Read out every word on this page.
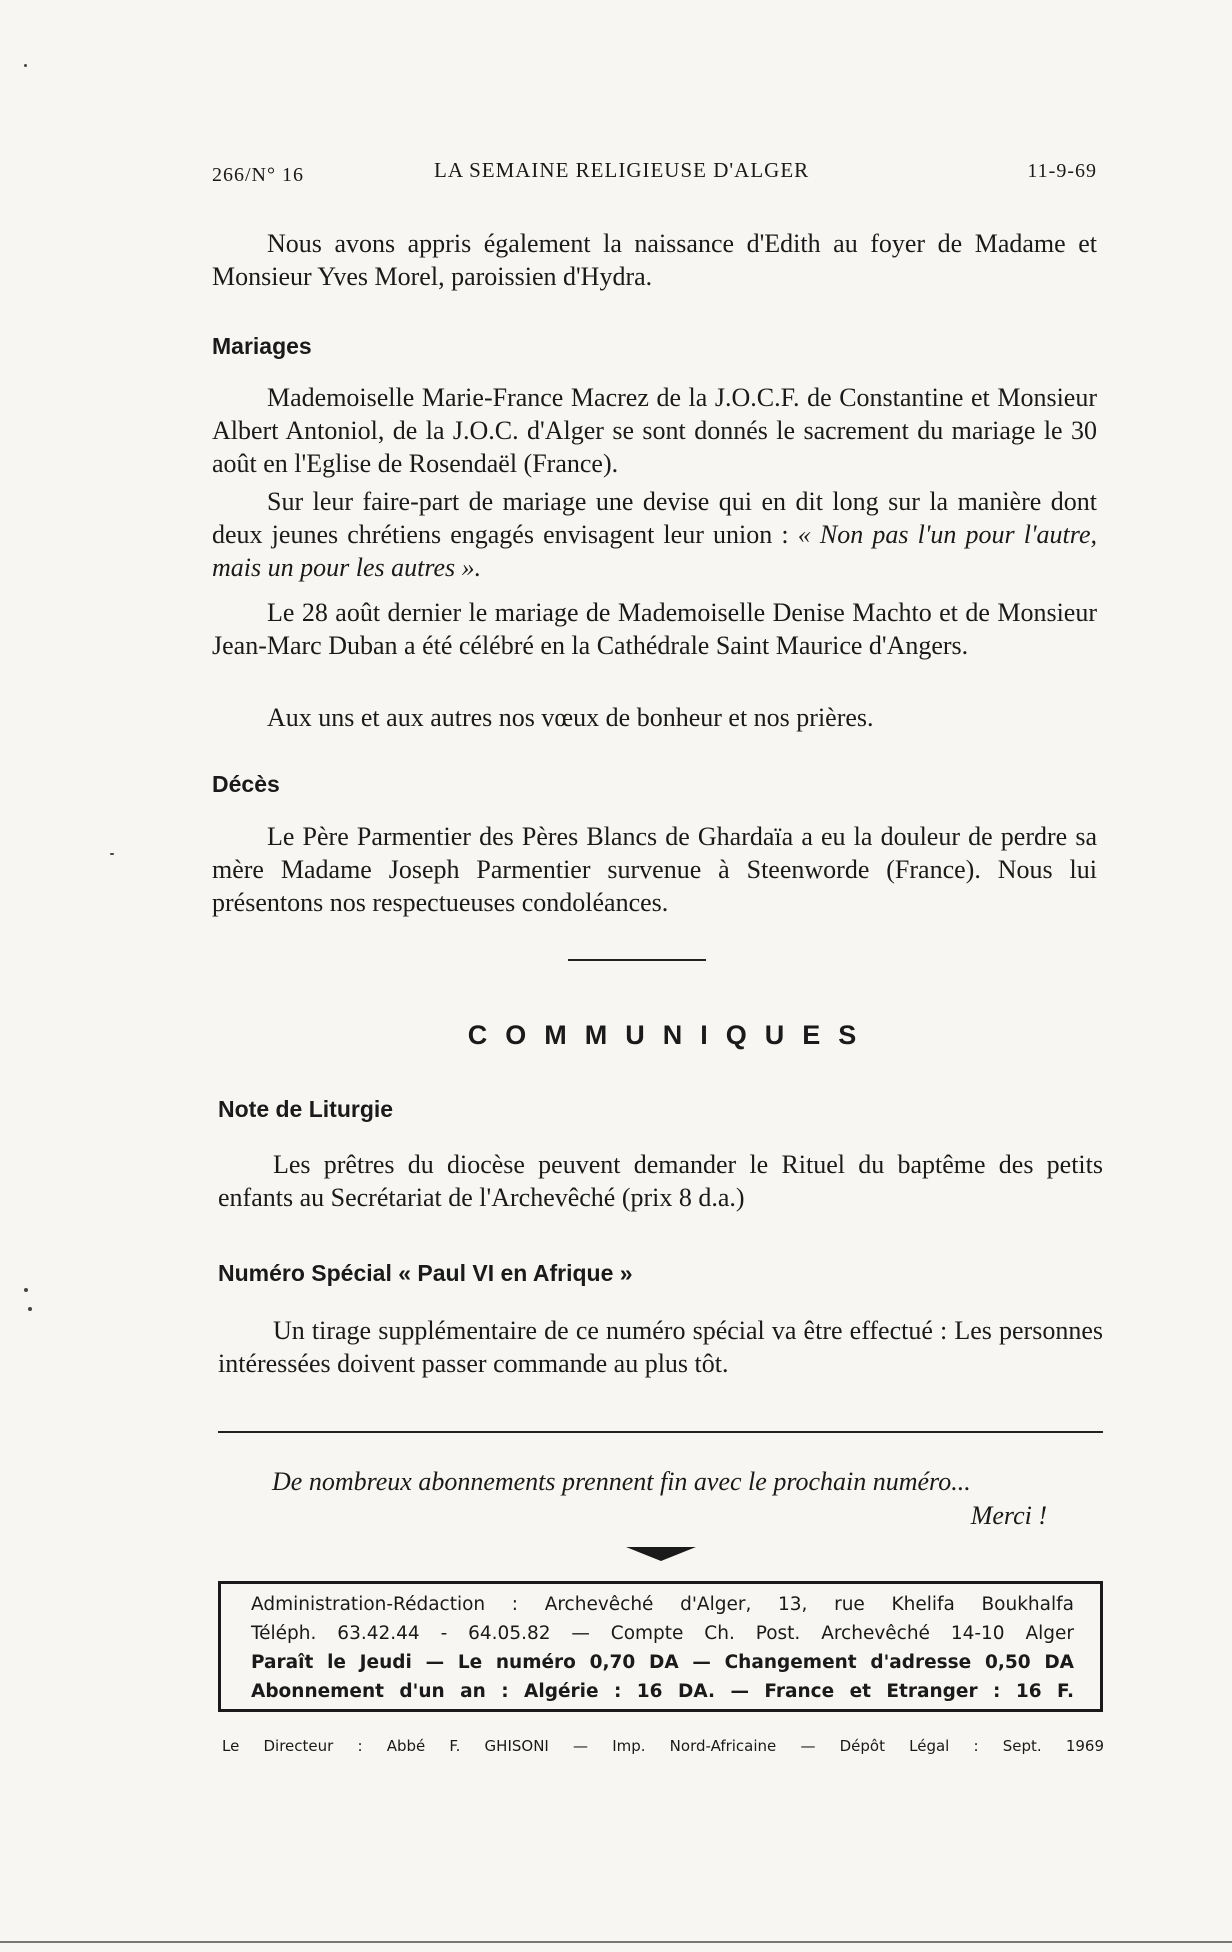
266/N° 16	LA SEMAINE RELIGIEUSE D'ALGER	11-9-69

Nous avons appris également la naissance d'Edith au foyer de Madame et Monsieur Yves Morel, paroissien d'Hydra.

Mariages

Mademoiselle Marie-France Macrez de la J.O.C.F. de Constantine et Monsieur Albert Antoniol, de la J.O.C. d'Alger se sont donnés le sacrement du mariage le 30 août en l'Eglise de Rosendaël (France).

Sur leur faire-part de mariage une devise qui en dit long sur la manière dont deux jeunes chrétiens engagés envisagent leur union : « Non pas l'un pour l'autre, mais un pour les autres ».

Le 28 août dernier le mariage de Mademoiselle Denise Machto et de Monsieur Jean-Marc Duban a été célébré en la Cathédrale Saint Maurice d'Angers.

Aux uns et aux autres nos vœux de bonheur et nos prières.

Décès

Le Père Parmentier des Pères Blancs de Ghardaïa a eu la douleur de perdre sa mère Madame Joseph Parmentier survenue à Steenworde (France). Nous lui présentons nos respectueuses condoléances.

COMMUNIQUES
Note de Liturgie

Les prêtres du diocèse peuvent demander le Rituel du baptême des petits enfants au Secrétariat de l'Archevêché (prix 8 d.a.)

Numéro Spécial « Paul VI en Afrique »

Un tirage supplémentaire de ce numéro spécial va être effectué : Les personnes intéressées doivent passer commande au plus tôt.

De nombreux abonnements prennent fin avec le prochain numéro...
Merci !
Administration-Rédaction : Archevêché d'Alger, 13, rue Khelifa Boukhalfa
Téléph. 63.42.44 - 64.05.82 — Compte Ch. Post. Archevêché 14-10 Alger
Paraît le Jeudi — Le numéro 0,70 DA — Changement d'adresse 0,50 DA
Abonnement d'un an : Algérie : 16 DA. — France et Etranger : 16 F.
Le Directeur : Abbé F. GHISONI — Imp. Nord-Africaine — Dépôt Légal : Sept. 1969
